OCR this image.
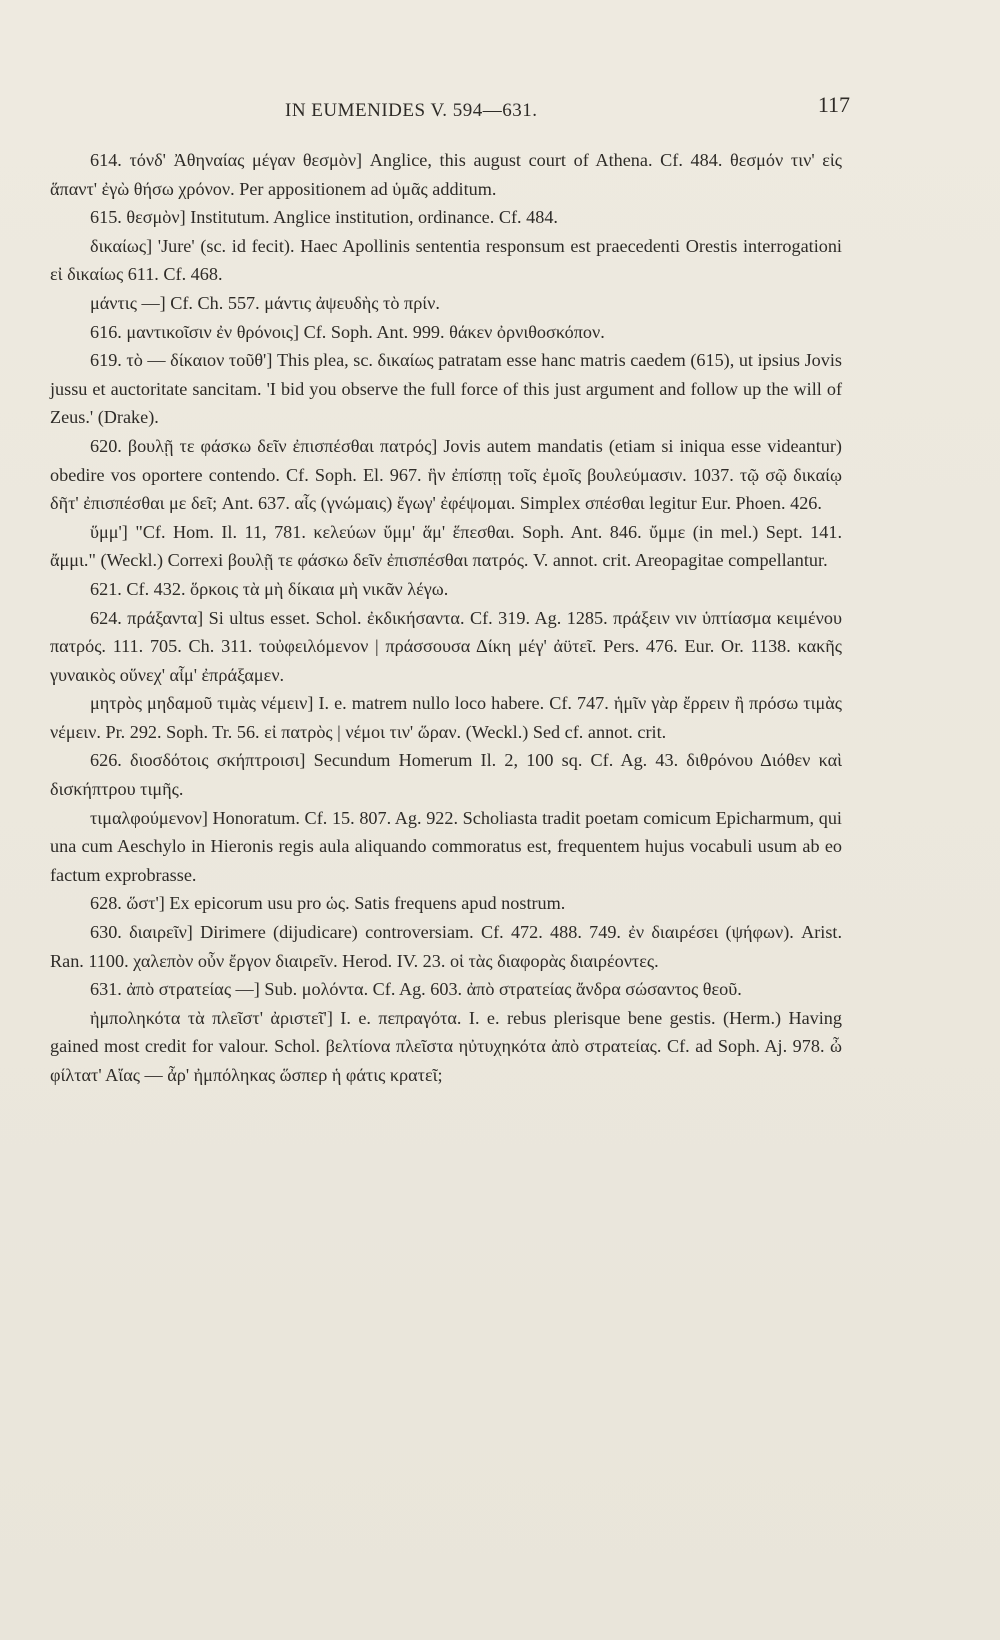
IN EUMENIDES V. 594—631.	117

614. τόνδ' Ἀθηναίας μέγαν θεσμὸν] Anglice, this august court of Athena. Cf. 484. θεσμόν τιν' εἰς ἅπαντ' ἐγὼ θήσω χρόνον. Per appositionem ad ὑμᾶς additum.

615. θεσμὸν] Institutum. Anglice institution, ordinance. Cf. 484.

δικαίως] 'Jure' (sc. id fecit). Haec Apollinis sententia responsum est praecedenti Orestis interrogationi εἰ δικαίως 611. Cf. 468.

μάντις —] Cf. Ch. 557. μάντις ἀψευδὴς τὸ πρίν.

616. μαντικοῖσιν ἐν θρόνοις] Cf. Soph. Ant. 999. θάκεν ὀρνιθοσκόπον.

619. τὸ — δίκαιον τοῦθ'] This plea, sc. δικαίως patratam esse hanc matris caedem (615), ut ipsius Jovis jussu et auctoritate sancitam. 'I bid you observe the full force of this just argument and follow up the will of Zeus.' (Drake).

620. βουλῇ τε φάσκω δεῖν ἐπισπέσθαι πατρός] Jovis autem mandatis (etiam si iniqua esse videantur) obedire vos oportere contendo. Cf. Soph. El. 967. ἣν ἐπίσπῃ τοῖς ἐμοῖς βουλεύμασιν. 1037. τῷ σῷ δικαίῳ δῆτ' ἐπισπέσθαι με δεῖ; Ant. 637. αἷς (γνώμαις) ἔγωγ' ἐφέψομαι. Simplex σπέσθαι legitur Eur. Phoen. 426.

ὕμμ'] "Cf. Hom. Il. 11, 781. κελεύων ὕμμ' ἅμ' ἕπεσθαι. Soph. Ant. 846. ὔμμε (in mel.) Sept. 141. ἄμμι." (Weckl.) Correxi βουλῇ τε φάσκω δεῖν ἐπισπέσθαι πατρός. V. annot. crit. Areopagitae compellantur.

621. Cf. 432. ὅρκοις τὰ μὴ δίκαια μὴ νικᾶν λέγω.

624. πράξαντα] Si ultus esset. Schol. ἐκδικήσαντα. Cf. 319. Ag. 1285. πράξειν νιν ὑπτίασμα κειμένου πατρός. 111. 705. Ch. 311. τοὐφειλόμενον | πράσσουσα Δίκη μέγ' ἀϋτεῖ. Pers. 476. Eur. Or. 1138. κακῆς γυναικὸς οὕνεχ' αἷμ' ἐπράξαμεν.

μητρὸς μηδαμοῦ τιμὰς νέμειν] I. e. matrem nullo loco habere. Cf. 747. ἡμῖν γὰρ ἔρρειν ἢ πρόσω τιμὰς νέμειν. Pr. 292. Soph. Tr. 56. εἰ πατρὸς | νέμοι τιν' ὥραν. (Weckl.) Sed cf. annot. crit.

626. διοσδότοις σκήπτροισι] Secundum Homerum Il. 2, 100 sq. Cf. Ag. 43. διθρόνου Διόθεν καὶ δισκήπτρου τιμῆς.

τιμαλφούμενον] Honoratum. Cf. 15. 807. Ag. 922. Scholiasta tradit poetam comicum Epicharmum, qui una cum Aeschylo in Hieronis regis aula aliquando commoratus est, frequentem hujus vocabuli usum ab eo factum exprobrasse.

628. ὥστ'] Ex epicorum usu pro ὡς. Satis frequens apud nostrum.

630. διαιρεῖν] Dirimere (dijudicare) controversiam. Cf. 472. 488. 749. ἐν διαιρέσει (ψήφων). Arist. Ran. 1100. χαλεπὸν οὖν ἔργον διαιρεῖν. Herod. IV. 23. οἱ τὰς διαφορὰς διαιρέοντες.

631. ἀπὸ στρατείας —] Sub. μολόντα. Cf. Ag. 603. ἀπὸ στρατείας ἄνδρα σώσαντος θεοῦ.

ἠμποληκότα τὰ πλεῖστ' ἀριστεῖ'] I. e. πεπραγότα. I. e. rebus plerisque bene gestis. (Herm.) Having gained most credit for valour. Schol. βελτίονα πλεῖστα ηὐτυχηκότα ἀπὸ στρατείας. Cf. ad Soph. Aj. 978. ὦ φίλτατ' Αἴας — ἆρ' ἠμπόληκας ὥσπερ ἡ φάτις κρατεῖ;
